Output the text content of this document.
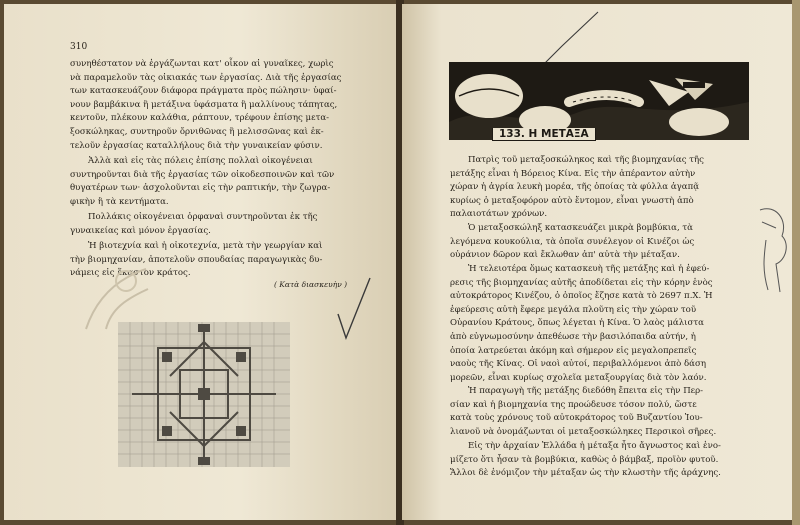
310

συνηθέστατον νὰ ἐργάζωνται κατ' οἶκον αἱ γυναῖκες, χωρὶς

νὰ παραμελοῦν τὰς οἰκιακάς των ἐργασίας. Διὰ τῆς ἐργασίας

των κατασκευάζουν διάφορα πράγματα πρὸς πώλησιν· ὑφαί-

νουν βαμβάκινα ἢ μετάξινα ὑφάσματα ἢ μαλλίνους τάπητας,

κεντοῦν, πλέκουν καλάθια, ράπτουν, τρέφουν ἐπίσης μετα-

ξοσκώληκας, συντηροῦν ὄρνιθῶνας ἢ μελισσῶνας καὶ ἐκ-

τελοῦν ἐργασίας καταλλήλους διὰ τὴν γυναικείαν φύσιν.

Ἀλλὰ καὶ εἰς τὰς πόλεις ἐπίσης πολλαὶ οἰκογένειαι

συντηροῦνται διὰ τῆς ἐργασίας τῶν οἰκοδεσποινῶν καὶ τῶν

θυγατέρων των· ἀσχολοῦνται εἰς τὴν ραπτικήν, τὴν ζωγρα-

φικὴν ἢ τὰ κεντήματα.

Πολλάκις οἰκογένειαι ὀρφαναὶ συντηροῦνται ἐκ τῆς

γυναικείας καὶ μόνον ἐργασίας.

Ἡ βιοτεχνία καὶ ἡ οἰκοτεχνία, μετὰ τὴν γεωργίαν καὶ

τὴν βιομηχανίαν, ἀποτελοῦν σπουδαίας παραγωγικὰς δυ-

νάμεις εἰς ἕκαστον κράτος.

( Κατὰ διασκευὴν )
133. Η ΜΕΤΑΞΑ

Πατρὶς τοῦ μεταξοσκώληκος καὶ τῆς βιομηχανίας τῆς

μετάξης εἶναι ἡ Βόρειος Κίνα. Εἰς τὴν ἀπέραντον αὐτὴν

χώραν ἡ ἀγρία λευκὴ μορέα, τῆς ὁποίας τὰ φύλλα ἀγαπᾷ

κυρίως ὁ μεταξοφόρον αὐτὸ ἔντομον, εἶναι γνωστὴ ἀπὸ

παλαιοτάτων χρόνων.

Ὁ μεταξοσκώληξ κατασκευάζει μικρὰ βομβύκια, τὰ

λεγόμενα κουκούλια, τὰ ὁποῖα συνέλεγον οἱ Κινέζοι ὡς

οὐράνιον δῶρον καὶ ἔκλωθαν ἀπ' αὐτὰ τὴν μέταξαν.

Ἡ τελειοτέρα ὅμως κατασκευὴ τῆς μετάξης καὶ ἡ ἐφεύ-

ρεσις τῆς βιομηχανίας αὐτῆς ἀποδίδεται εἰς τὴν κόρην ἑνὸς

αὐτοκράτορος Κινέζου, ὁ ὁποῖος ἔζησε κατὰ τὸ 2697 π.Χ. Ἡ

ἐφεύρεσις αὐτὴ ἔφερε μεγάλα πλοῦτη εἰς τὴν χώραν τοῦ

Οὐρανίου Κράτους, ὅπως λέγεται ἡ Κίνα. Ὁ λαὸς μάλιστα

ἀπὸ εὐγνωμοσύνην ἀπεθέωσε τὴν βασιλόπαιδα αὐτήν, ἡ

ὁποία λατρεύεται ἀκόμη καὶ σήμερον εἰς μεγαλοπρεπεῖς

ναοὺς τῆς Κίνας. Οἱ ναοὶ αὐτοί, περιβαλλόμενοι ἀπὸ δάση

μορεῶν, εἶναι κυρίως σχολεῖα μεταξουργίας διὰ τὸν λαόν.

Ἡ παραγωγὴ τῆς μετάξης διεδόθη ἔπειτα εἰς τὴν Περ-

σίαν καὶ ἡ βιομηχανία της προώδευσε τόσον πολύ, ὥστε

κατὰ τοὺς χρόνους τοῦ αὐτοκράτορος τοῦ Βυζαντίου Ἰου-

λιανοῦ νὰ ὀνομάζωνται οἱ μεταξοσκώληκες Περσικοὶ σῆρες.

Εἰς τὴν ἀρχαίαν Ἑλλάδα ἡ μέταξα ἦτο ἄγνωστος καὶ ἐνο-

μίζετο ὅτι ἦσαν τὰ βομβύκια, καθὼς ὁ βάμβαξ, προϊὸν φυτοῦ.

Ἄλλοι δὲ ἐνόμιζον τὴν μέταξαν ὡς τὴν κλωστὴν τῆς ἀράχνης.
